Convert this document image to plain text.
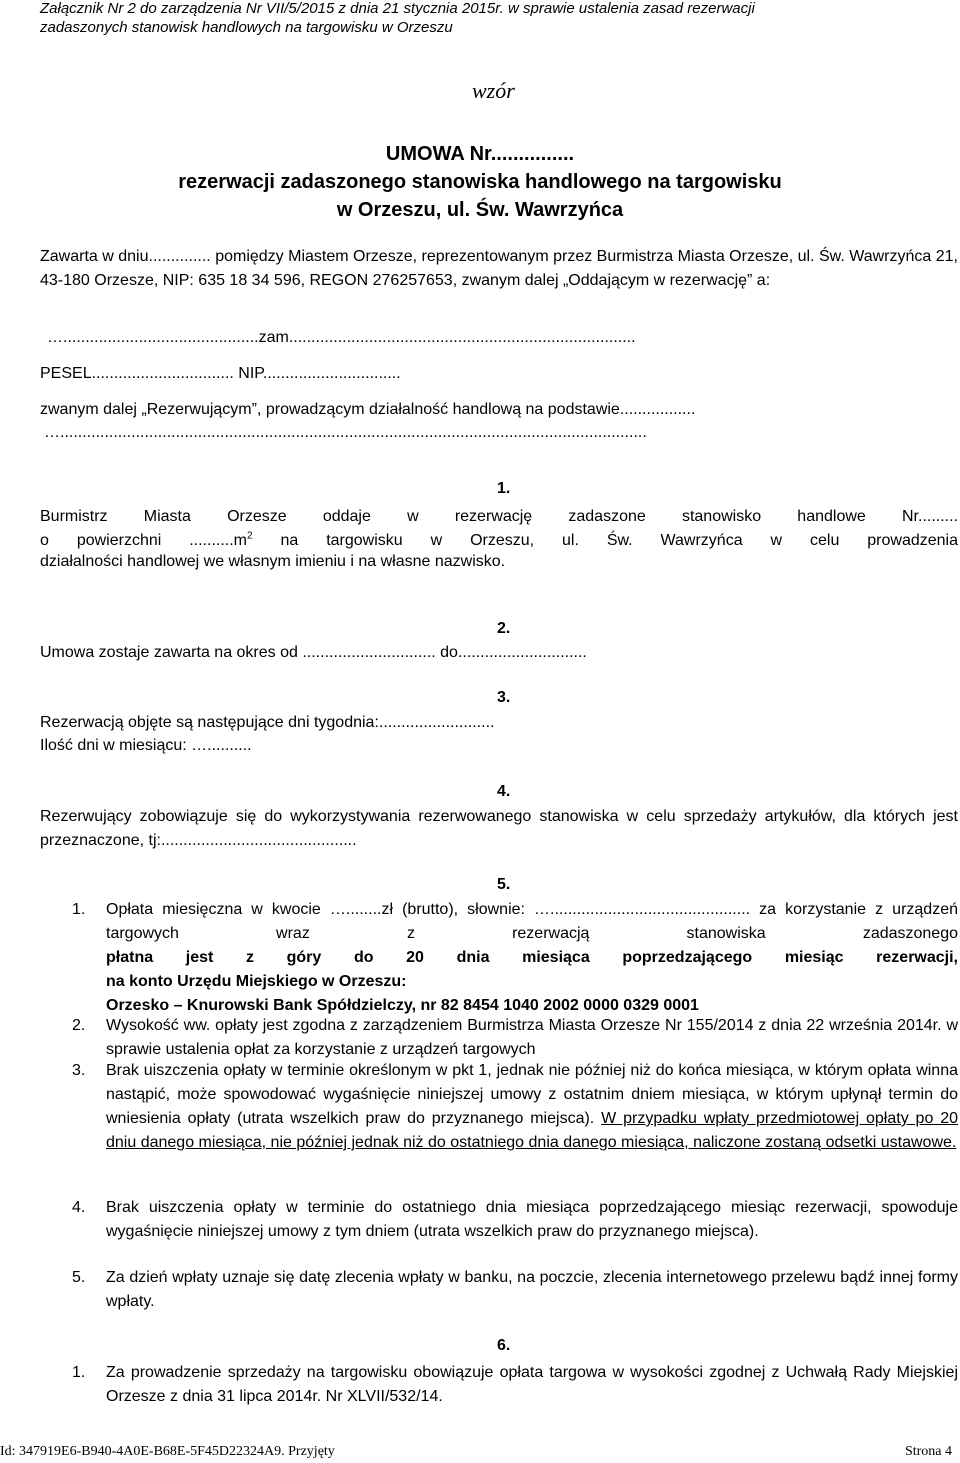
Załącznik Nr 2 do zarządzenia Nr VII/5/2015 z dnia 21 stycznia 2015r. w sprawie ustalenia zasad rezerwacji
zadaszonych stanowisk handlowych na targowisku w Orzeszu
wzór
UMOWA Nr...............
rezerwacji zadaszonego stanowiska handlowego na targowisku
w Orzeszu, ul. Św. Wawrzyńca
Zawarta w dniu.............. pomiędzy Miastem Orzesze, reprezentowanym przez Burmistrza Miasta Orzesze, ul. Św. Wawrzyńca 21, 43-180 Orzesze, NIP: 635 18 34 596, REGON 276257653, zwanym dalej „Oddającym w rezerwację” a:
…............................................zam..............................................................................
PESEL................................ NIP...............................
zwanym dalej „Rezerwującym”, prowadzącym działalność handlową na podstawie.................
…....................................................................................................................................
1.
Burmistrz Miasta Orzesze oddaje w rezerwację zadaszone stanowisko handlowe Nr.........
o powierzchni $..........m^2$ na targowisku w Orzeszu, ul. Św. Wawrzyńca w celu prowadzenia
działalności handlowej we własnym imieniu i na własne nazwisko.
2.
Umowa zostaje zawarta na okres od .............................. do.............................
3.
Rezerwacją objęte są następujące dni tygodnia:..........................
Ilość dni w miesiącu: …..........
4.
Rezerwujący zobowiązuje się do wykorzystywania rezerwowanego stanowiska w celu sprzedaży artykułów, dla których jest przeznaczone, tj:............................................
5.
1. Opłata miesięczna w kwocie …........zł (brutto), słownie: …............................................. za korzystanie z urządzeń targowych wraz z rezerwacją stanowiska zadaszonego
płatna jest z góry do 20 dnia miesiąca poprzedzającego miesiąc rezerwacji,
na konto Urzędu Miejskiego w Orzeszu:
Orzesko – Knurowski Bank Spółdzielczy, nr 82 8454 1040 2002 0000 0329 0001
2. Wysokość ww. opłaty jest zgodna z zarządzeniem Burmistrza Miasta Orzesze Nr 155/2014 z dnia 22 września 2014r. w sprawie ustalenia opłat za korzystanie z urządzeń targowych
3. Brak uiszczenia opłaty w terminie określonym w pkt 1, jednak nie później niż do końca miesiąca, w którym opłata winna nastąpić, może spowodować wygaśnięcie niniejszej umowy z ostatnim dniem miesiąca, w którym upłynął termin do wniesienia opłaty (utrata wszelkich praw do przyznanego miejsca). W przypadku wpłaty przedmiotowej opłaty po 20 dniu danego miesiąca, nie później jednak niż do ostatniego dnia danego miesiąca, naliczone zostaną odsetki ustawowe.
4. Brak uiszczenia opłaty w terminie do ostatniego dnia miesiąca poprzedzającego miesiąc rezerwacji, spowoduje wygaśnięcie niniejszej umowy z tym dniem (utrata wszelkich praw do przyznanego miejsca).
5. Za dzień wpłaty uznaje się datę zlecenia wpłaty w banku, na poczcie, zlecenia internetowego przelewu bądź innej formy wpłaty.
6.
1. Za prowadzenie sprzedaży na targowisku obowiązuje opłata targowa w wysokości zgodnej z Uchwałą Rady Miejskiej Orzesze z dnia 31 lipca 2014r. Nr XLVII/532/14.
Id: 347919E6-B940-4A0E-B68E-5F45D22324A9. Przyjęty	Strona 4
